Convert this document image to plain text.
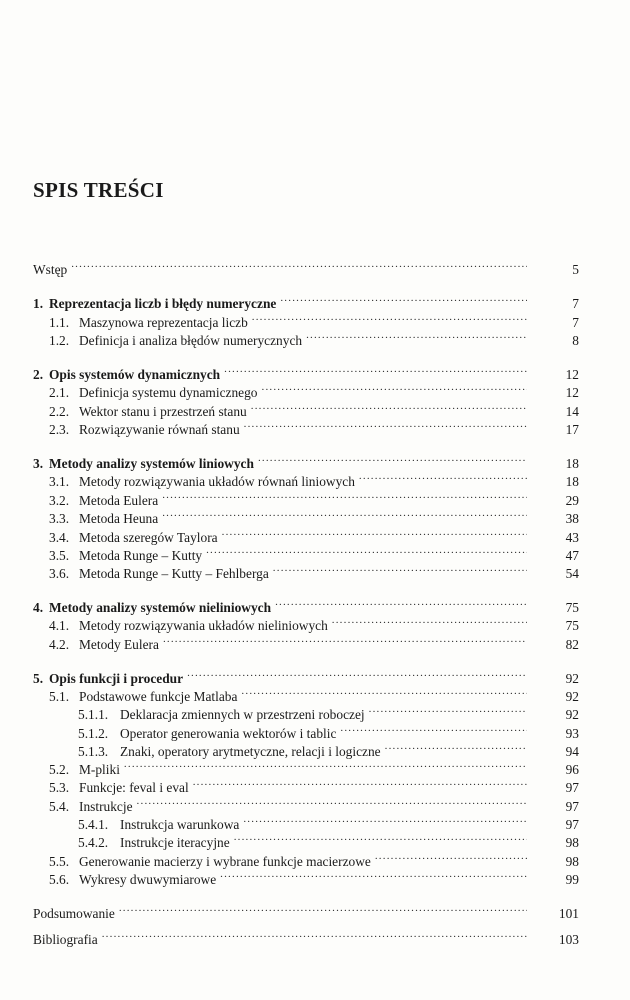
SPIS TREŚCI
Wstęp .....	5
1. Reprezentacja liczb i błędy numeryczne .....	7
1.1. Maszynowa reprezentacja liczb .....	7
1.2. Definicja i analiza błędów numerycznych .....	8
2. Opis systemów dynamicznych .....	12
2.1. Definicja systemu dynamicznego .....	12
2.2. Wektor stanu i przestrzeń stanu .....	14
2.3. Rozwiązywanie równań stanu .....	17
3. Metody analizy systemów liniowych .....	18
3.1. Metody rozwiązywania układów równań liniowych .....	18
3.2. Metoda Eulera .....	29
3.3. Metoda Heuna .....	38
3.4. Metoda szeregów Taylora .....	43
3.5. Metoda Runge – Kutty .....	47
3.6. Metoda Runge – Kutty – Fehlberga .....	54
4. Metody analizy systemów nieliniowych .....	75
4.1. Metody rozwiązywania układów nieliniowych .....	75
4.2. Metody Eulera .....	82
5. Opis funkcji i procedur .....	92
5.1. Podstawowe funkcje Matlaba .....	92
5.1.1. Deklaracja zmiennych w przestrzeni roboczej .....	92
5.1.2. Operator generowania wektorów i tablic .....	93
5.1.3. Znaki, operatory arytmetyczne, relacji i logiczne .....	94
5.2. M-pliki .....	96
5.3. Funkcje: feval i eval .....	97
5.4. Instrukcje .....	97
5.4.1. Instrukcja warunkowa .....	97
5.4.2. Instrukcje iteracyjne .....	98
5.5. Generowanie macierzy i wybrane funkcje macierzowe .....	98
5.6. Wykresy dwuwymiarowe .....	99
Podsumowanie .....	101
Bibliografia .....	103
